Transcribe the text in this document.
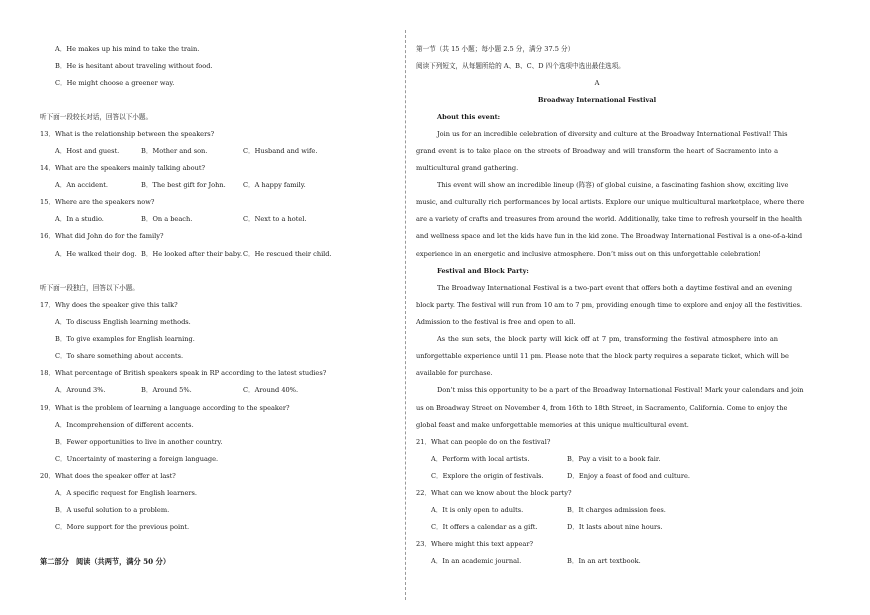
A．He makes up his mind to take the train.
B．He is hesitant about traveling without food.
C．He might choose a greener way.
听下面一段较长对话，回答以下小题。
13．What is the relationship between the speakers?
A．Host and guest.	B．Mother and son.	C．Husband and wife.
14．What are the speakers mainly talking about?
A．An accident.	B．The best gift for John.	C．A happy family.
15．Where are the speakers now?
A．In a studio.	B．On a beach.	C．Next to a hotel.
16．What did John do for the family?
A．He walked their dog. B．He looked after their baby. C．He rescued their child.
听下面一段独白，回答以下小题。
17．Why does the speaker give this talk?
A．To discuss English learning methods.
B．To give examples for English learning.
C．To share something about accents.
18．What percentage of British speakers speak in RP according to the latest studies?
A．Around 3%.	B．Around 5%.	C．Around 40%.
19．What is the problem of learning a language according to the speaker?
A．Incomprehension of different accents.
B．Fewer opportunities to live in another country.
C．Uncertainty of mastering a foreign language.
20．What does the speaker offer at last?
A．A specific request for English learners.
B．A useful solution to a problem.
C．More support for the previous point.
第二部分　阅读（共两节，满分 50 分）
第一节（共 15 小题；每小题 2.5 分，满分 37.5 分）
阅读下列短文，从每题所给的 A、B、C、D 四个选项中选出最佳选项。
A
Broadway International Festival
About this event:
Join us for an incredible celebration of diversity and culture at the Broadway International Festival! This
grand event is to take place on the streets of Broadway and will transform the heart of Sacramento into a
multicultural grand gathering.
This event will show an incredible lineup (阵容) of global cuisine, a fascinating fashion show, exciting live
music, and culturally rich performances by local artists. Explore our unique multicultural marketplace, where there
are a variety of crafts and treasures from around the world. Additionally, take time to refresh yourself in the health
and wellness space and let the kids have fun in the kid zone. The Broadway International Festival is a one-of-a-kind
experience in an energetic and inclusive atmosphere. Don’t miss out on this unforgettable celebration!
Festival and Block Party:
The Broadway International Festival is a two-part event that offers both a daytime festival and an evening
block party. The festival will run from 10 am to 7 pm, providing enough time to explore and enjoy all the festivities.
Admission to the festival is free and open to all.
As the sun sets, the block party will kick off at 7 pm, transforming the festival atmosphere into an
unforgettable experience until 11 pm. Please note that the block party requires a separate ticket, which will be
available for purchase.
Don’t miss this opportunity to be a part of the Broadway International Festival! Mark your calendars and join
us on Broadway Street on November 4, from 16th to 18th Street, in Sacramento, California. Come to enjoy the
global feast and make unforgettable memories at this unique multicultural event.
21．What can people do on the festival?
A．Perform with local artists.	B．Pay a visit to a book fair.
C．Explore the origin of festivals.	D．Enjoy a feast of food and culture.
22．What can we know about the block party?
A．It is only open to adults.	B．It charges admission fees.
C．It offers a calendar as a gift.	D．It lasts about nine hours.
23．Where might this text appear?
A．In an academic journal.	B．In an art textbook.
